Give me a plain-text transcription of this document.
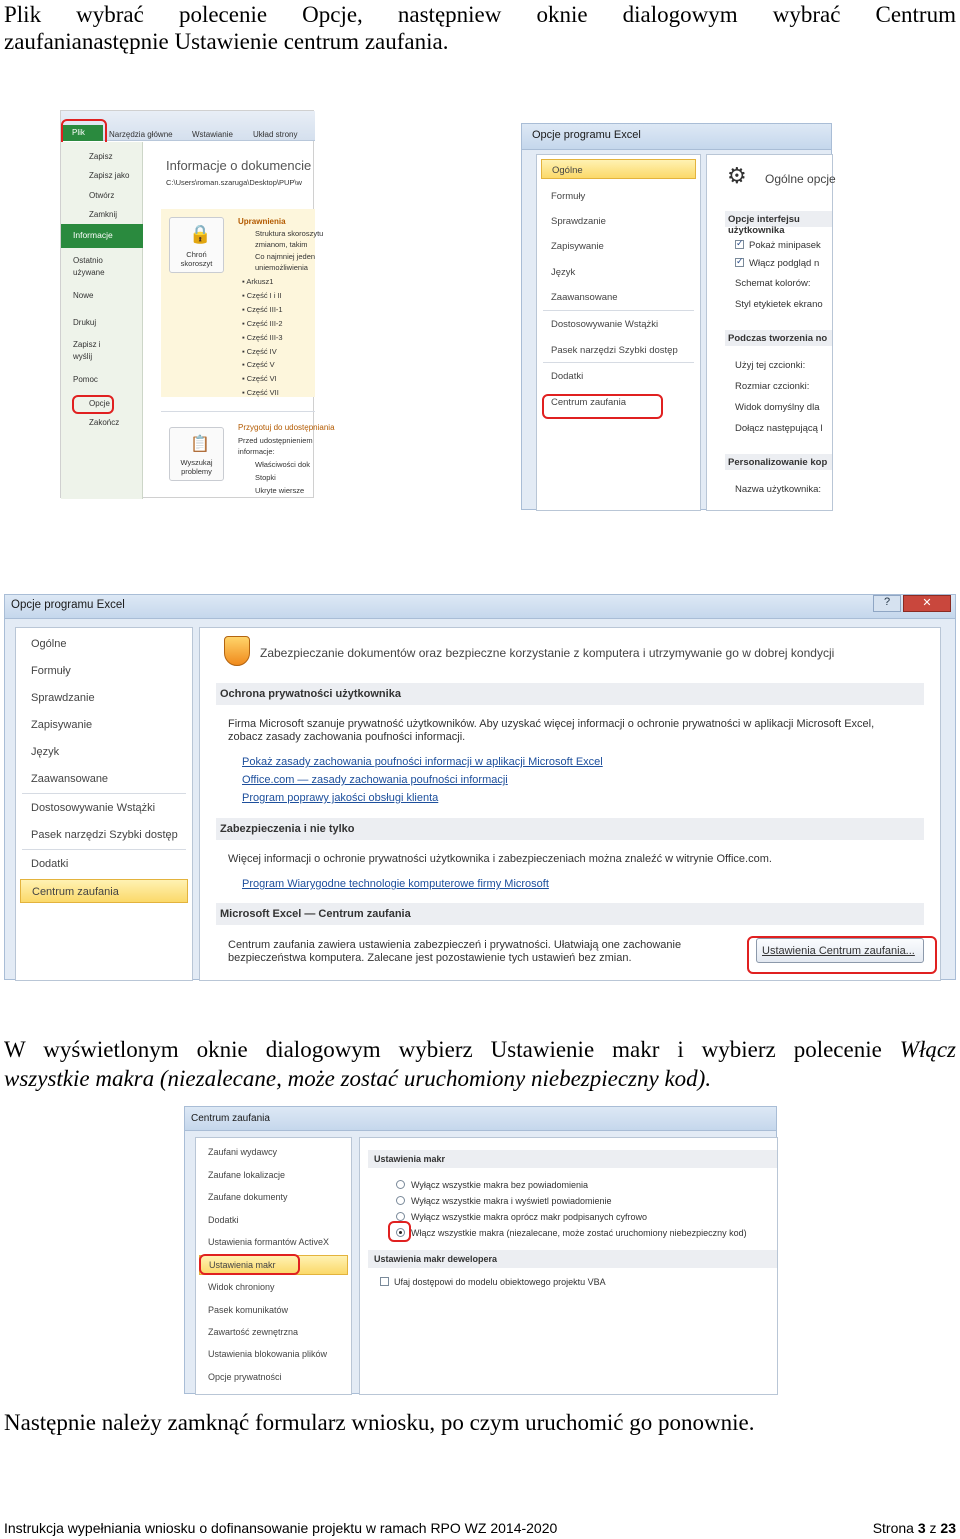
Plik wybrać polecenie Opcje, następniew oknie dialogowym wybrać Centrum
zaufanianastępnie Ustawienie centrum zaufania.
Plik	Narzędzia główne Wstawianie	Układ strony
Zapisz
Zapisz jako
Otwórz
Zamknij
Informacje
Ostatnio
używane
Nowe
Drukuj
Zapisz i
wyślij
Pomoc
Opcje
Zakończ
Informacje o dokumencie
C:\Users\roman.szaruga\Desktop\PUP\w
🔒
Chroń
skoroszyt
Uprawnienia
Struktura skoroszytu
zmianom, takim
Co najmniej jeden
uniemożliwienia
📋
Wyszukaj
problemy
Przygotuj do udostępniania
Przed udostępnieniem
informacje:
Właściwości dok
Stopki
Ukryte wiersze
▪ Arkusz1
▪ Część I i II
▪ Część III-1
▪ Część III-2
▪ Część III-3
▪ Część IV
▪ Część V
▪ Część VI
▪ Część VII
Opcje programu Excel
Ogólne
Formuły
Sprawdzanie
Zapisywanie
Język
Zaawansowane
Dostosowywanie Wstążki
Pasek narzędzi Szybki dostęp
Dodatki
Centrum zaufania
⚙ Ogólne opcje
Opcje interfejsu użytkownika
✓Pokaż minipasek
✓Włącz podgląd n
Schemat kolorów:
Styl etykietek ekrano
Podczas tworzenia no
Użyj tej czcionki:
Rozmiar czcionki:
Widok domyślny dla
Dołącz następującą l
Personalizowanie kop
Nazwa użytkownika:
Opcje programu Excel	?	✕
Ogólne
Formuły
Sprawdzanie
Zapisywanie
Język
Zaawansowane
Dostosowywanie Wstążki
Pasek narzędzi Szybki dostęp
Dodatki
Centrum zaufania
Zabezpieczanie dokumentów oraz bezpieczne korzystanie z komputera i utrzymywanie go w dobrej kondycji
Ochrona prywatności użytkownika
Firma Microsoft szanuje prywatność użytkowników. Aby uzyskać więcej informacji o ochronie prywatności w aplikacji Microsoft Excel,
zobacz zasady zachowania poufności informacji.
Pokaż zasady zachowania poufności informacji w aplikacji Microsoft Excel
Office.com — zasady zachowania poufności informacji
Program poprawy jakości obsługi klienta
Zabezpieczenia i nie tylko
Więcej informacji o ochronie prywatności użytkownika i zabezpieczeniach można znaleźć w witrynie Office.com.
Program Wiarygodne technologie komputerowe firmy Microsoft
Microsoft Excel — Centrum zaufania
Centrum zaufania zawiera ustawienia zabezpieczeń i prywatności. Ułatwiają one zachowanie
bezpieczeństwa komputera. Zalecane jest pozostawienie tych ustawień bez zmian.
Ustawienia Centrum zaufania...
W wyświetlonym oknie dialogowym wybierz Ustawienie makr i wybierz polecenie Włącz
wszystkie makra (niezalecane, może zostać uruchomiony niebezpieczny kod).
Centrum zaufania
Zaufani wydawcy
Zaufane lokalizacje
Zaufane dokumenty
Dodatki
Ustawienia formantów ActiveX
Ustawienia makr
Widok chroniony
Pasek komunikatów
Zawartość zewnętrzna
Ustawienia blokowania plików
Opcje prywatności
Ustawienia makr
Wyłącz wszystkie makra bez powiadomienia
Wyłącz wszystkie makra i wyświetl powiadomienie
Wyłącz wszystkie makra oprócz makr podpisanych cyfrowo
Włącz wszystkie makra (niezalecane, może zostać uruchomiony niebezpieczny kod)
Ustawienia makr dewelopera
Ufaj dostępowi do modelu obiektowego projektu VBA
Następnie należy zamknąć formularz wniosku, po czym uruchomić go ponownie.
Instrukcja wypełniania wniosku o dofinansowanie projektu w ramach RPO WZ 2014-2020	Strona 3 z 23
